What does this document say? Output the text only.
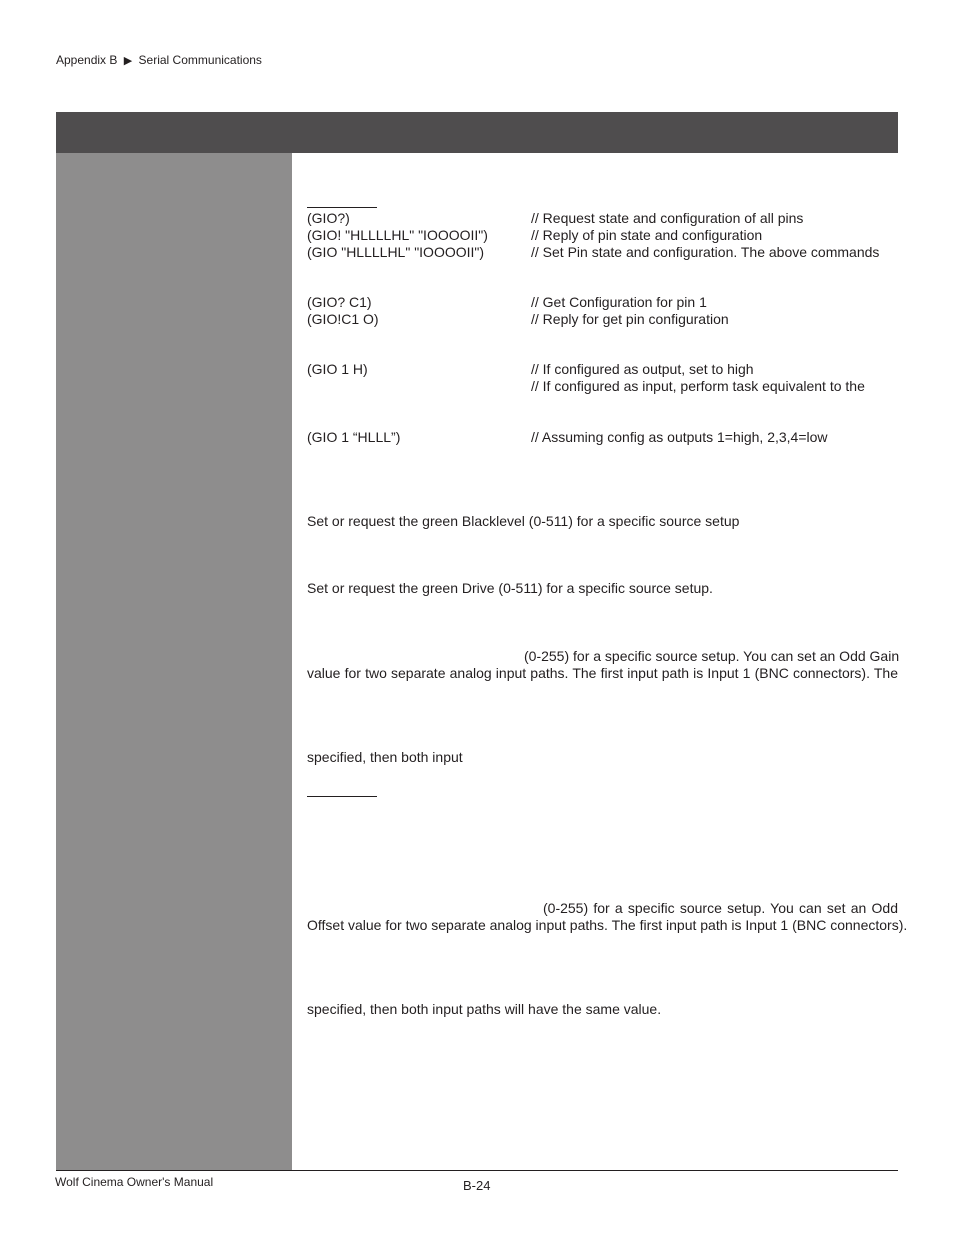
Appendix B ▶ Serial Communications
(GIO?)	// Request state and configuration of all pins
(GIO! "HLLLLHL" "IOOOOII")	// Reply of pin state and configuration
(GIO "HLLLLHL" "IOOOOII")	// Set Pin state and configuration. The above commands
(GIO? C1)	// Get Configuration for pin 1
(GIO!C1 O)	// Reply for get pin configuration
(GIO 1 H)	// If configured as output, set to high
// If configured as input, perform task equivalent to the
(GIO 1 “HLLL”)	// Assuming config as outputs 1=high, 2,3,4=low
Set or request the green Blacklevel (0-511) for a specific source setup
Set or request the green Drive (0-511) for a specific source setup.
(0-255) for a specific source setup. You can set an Odd Gain
value for two separate analog input paths. The first input path is Input 1 (BNC connectors). The
specified, then both input
(0-255) for a specific source setup. You can set an Odd
Offset value for two separate analog input paths. The first input path is Input 1 (BNC connectors).
specified, then both input paths will have the same value.
Wolf Cinema Owner's Manual	B-24
